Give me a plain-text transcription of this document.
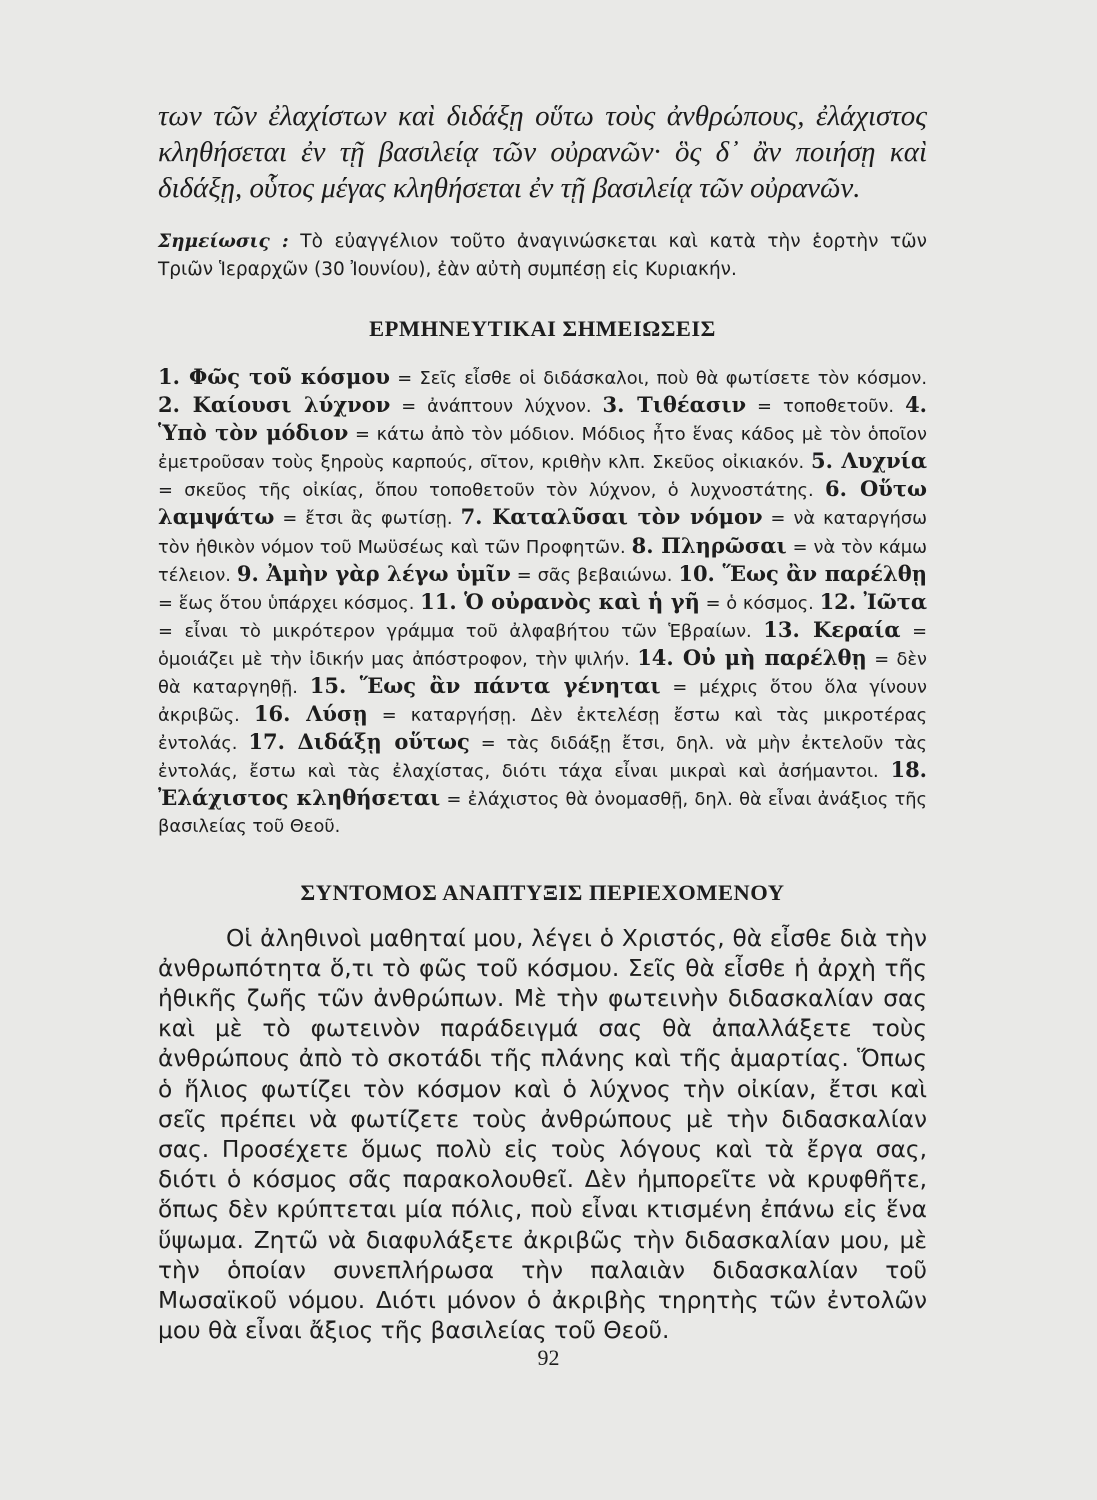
των τῶν ἐλαχίστων καὶ διδάξῃ οὕτω τοὺς ἀνθρώπους, ἐλάχιστος κληθήσεται ἐν τῇ βασιλείᾳ τῶν οὐρανῶν· ὃς δ᾽ ἂν ποιήσῃ καὶ διδάξῃ, οὗτος μέγας κληθήσεται ἐν τῇ βασιλείᾳ τῶν οὐρανῶν.

Σημείωσις : Τὸ εὐαγγέλιον τοῦτο ἀναγινώσκεται καὶ κατὰ τὴν ἑορτὴν τῶν Τριῶν Ἱεραρχῶν (30 Ἰουνίου), ἐὰν αὐτὴ συμπέσῃ εἰς Κυριακήν.

ΕΡΜΗΝΕΥΤΙΚΑΙ ΣΗΜΕΙΩΣΕΙΣ

1. Φῶς τοῦ κόσμου = Σεῖς εἶσθε οἱ διδάσκαλοι, ποὺ θὰ φωτίσετε τὸν κόσμον. 2. Καίουσι λύχνον = ἀνάπτουν λύχνον. 3. Τιθέασιν = τοποθετοῦν. 4. Ὑπὸ τὸν μόδιον = κάτω ἀπὸ τὸν μόδιον. Μόδιος ἦτο ἕνας κάδος μὲ τὸν ὁποῖον ἐμετροῦσαν τοὺς ξηροὺς καρπούς, σῖτον, κριθὴν κλπ. Σκεῦος οἰκιακόν. 5. Λυχνία = σκεῦος τῆς οἰκίας, ὅπου τοποθετοῦν τὸν λύχνον, ὁ λυχνοστάτης. 6. Οὕτω λαμψάτω = ἔτσι ἂς φωτίσῃ. 7. Καταλῦσαι τὸν νόμον = νὰ καταργήσω τὸν ἠθικὸν νόμον τοῦ Μωϋσέως καὶ τῶν Προφητῶν. 8. Πληρῶσαι = νὰ τὸν κάμω τέλειον. 9. Ἀμὴν γὰρ λέγω ὑμῖν = σᾶς βεβαιώνω. 10. Ἕως ἂν παρέλθῃ = ἕως ὅτου ὑπάρχει κόσμος. 11. Ὁ οὐρανὸς καὶ ἡ γῆ = ὁ κόσμος. 12. Ἰῶτα = εἶναι τὸ μικρότερον γράμμα τοῦ ἀλφαβήτου τῶν Ἑβραίων. 13. Κεραία = ὁμοιάζει μὲ τὴν ἰδικήν μας ἀπόστροφον, τὴν ψιλήν. 14. Οὐ μὴ παρέλθῃ = δὲν θὰ καταργηθῇ. 15. Ἕως ἂν πάντα γένηται = μέχρις ὅτου ὅλα γίνουν ἀκριβῶς. 16. Λύσῃ = καταργήσῃ. Δὲν ἐκτελέσῃ ἔστω καὶ τὰς μικροτέρας ἐντολάς. 17. Διδάξῃ οὕτως = τὰς διδάξῃ ἔτσι, δηλ. νὰ μὴν ἐκτελοῦν τὰς ἐντολάς, ἔστω καὶ τὰς ἐλαχίστας, διότι τάχα εἶναι μικραὶ καὶ ἀσήμαντοι. 18. Ἐλάχιστος κληθήσεται = ἐλάχιστος θὰ ὀνομασθῇ, δηλ. θὰ εἶναι ἀνάξιος τῆς βασιλείας τοῦ Θεοῦ.

ΣΥΝΤΟΜΟΣ ΑΝΑΠΤΥΞΙΣ ΠΕΡΙΕΧΟΜΕΝΟΥ

Οἱ ἀληθινοὶ μαθηταί μου, λέγει ὁ Χριστός, θὰ εἶσθε διὰ τὴν ἀνθρωπότητα ὅ,τι τὸ φῶς τοῦ κόσμου. Σεῖς θὰ εἶσθε ἡ ἀρχὴ τῆς ἠθικῆς ζωῆς τῶν ἀνθρώπων. Μὲ τὴν φωτεινὴν διδασκαλίαν σας καὶ μὲ τὸ φωτεινὸν παράδειγμά σας θὰ ἀπαλλάξετε τοὺς ἀνθρώπους ἀπὸ τὸ σκοτάδι τῆς πλάνης καὶ τῆς ἁμαρτίας. Ὅπως ὁ ἥλιος φωτίζει τὸν κόσμον καὶ ὁ λύχνος τὴν οἰκίαν, ἔτσι καὶ σεῖς πρέπει νὰ φωτίζετε τοὺς ἀνθρώπους μὲ τὴν διδασκαλίαν σας. Προσέχετε ὅμως πολὺ εἰς τοὺς λόγους καὶ τὰ ἔργα σας, διότι ὁ κόσμος σᾶς παρακολουθεῖ. Δὲν ἠμπορεῖτε νὰ κρυφθῆτε, ὅπως δὲν κρύπτεται μία πόλις, ποὺ εἶναι κτισμένη ἐπάνω εἰς ἕνα ὕψωμα. Ζητῶ νὰ διαφυλάξετε ἀκριβῶς τὴν διδασκαλίαν μου, μὲ τὴν ὁποίαν συνεπλήρωσα τὴν παλαιὰν διδασκαλίαν τοῦ Μωσαϊκοῦ νόμου. Διότι μόνον ὁ ἀκριβὴς τηρητὴς τῶν ἐντολῶν μου θὰ εἶναι ἄξιος τῆς βασιλείας τοῦ Θεοῦ.

92
